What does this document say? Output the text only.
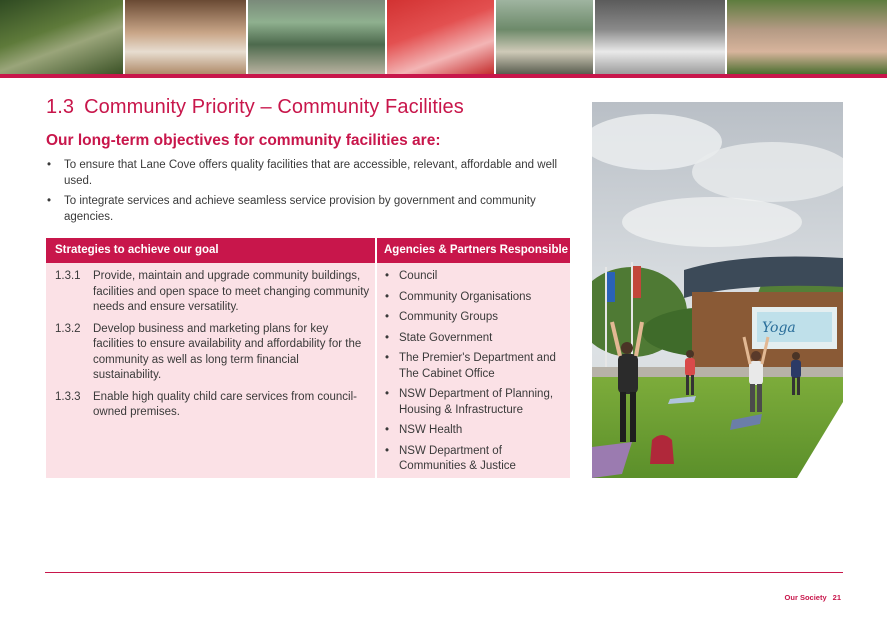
1.3 Community Priority – Community Facilities
Our long-term objectives for community facilities are:
• To ensure that Lane Cove offers quality facilities that are accessible, relevant, affordable and well used.
• To integrate services and achieve seamless service provision by government and community agencies.
Strategies to achieve our goal	Agencies & Partners Responsible
1.3.1 Provide, maintain and upgrade community buildings, facilities and open space to meet changing community needs and ensure versatility.
1.3.2 Develop business and marketing plans for key facilities to ensure availability and affordability for the community as well as long term financial sustainability.
1.3.3 Enable high quality child care services from council-owned premises.
• Council
• Community Organisations
• Community Groups
• State Government
• The Premier's Department and The Cabinet Office
• NSW Department of Planning, Housing & Infrastructure
• NSW Health
• NSW Department of Communities & Justice
Yoga
Our Society 21
